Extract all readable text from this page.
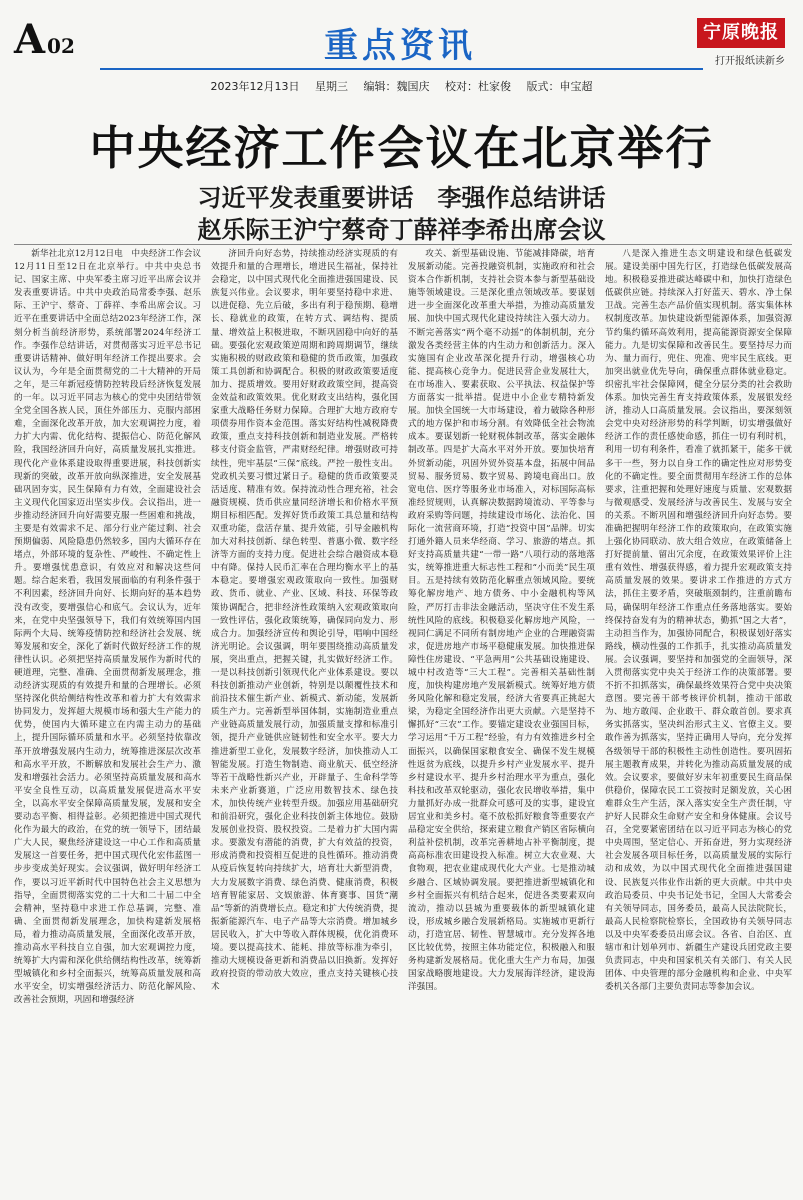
A 02	重点资讯	宁原晚报
打开报纸读新乡
2023年12月13日 星期三 编辑：魏国庆 校对：杜家俊 版式：申宝超
中央经济工作会议在北京举行
习近平发表重要讲话　李强作总结讲话
赵乐际王沪宁蔡奇丁薛祥李希出席会议

新华社北京12月12日电　中央经济工作会议12月11日至12日在北京举行。中共中央总书记、国家主席、中央军委主席习近平出席会议并发表重要讲话。中共中央政治局常委李强、赵乐际、王沪宁、蔡奇、丁薛祥、李希出席会议。习近平在重要讲话中全面总结2023年经济工作，深刻分析当前经济形势，系统部署2024年经济工作。李强作总结讲话，对贯彻落实习近平总书记重要讲话精神、做好明年经济工作提出要求。会议认为，今年是全面贯彻党的二十大精神的开局之年，是三年新冠疫情防控转段后经济恢复发展的一年。以习近平同志为核心的党中央团结带领全党全国各族人民，顶住外部压力、克服内部困难，全面深化改革开放，加大宏观调控力度，着力扩大内需、优化结构、提振信心、防范化解风险，我国经济回升向好，高质量发展扎实推进。现代化产业体系建设取得重要进展，科技创新实现新的突破，改革开放向纵深推进，安全发展基础巩固夯实，民生保障有力有效，全面建设社会主义现代化国家迈出坚实步伐。会议指出，进一步推动经济回升向好需要克服一些困难和挑战，主要是有效需求不足、部分行业产能过剩、社会预期偏弱、风险隐患仍然较多，国内大循环存在堵点，外部环境的复杂性、严峻性、不确定性上升。要增强忧患意识，有效应对和解决这些问题。综合起来看，我国发展面临的有利条件强于不利因素，经济回升向好、长期向好的基本趋势没有改变，要增强信心和底气。会议认为，近年来，在党中央坚强领导下，我们有效统筹国内国际两个大局、统筹疫情防控和经济社会发展、统筹发展和安全，深化了新时代做好经济工作的规律性认识。必须把坚持高质量发展作为新时代的硬道理，完整、准确、全面贯彻新发展理念，推动经济实现质的有效提升和量的合理增长。必须坚持深化供给侧结构性改革和着力扩大有效需求协同发力，发挥超大规模市场和强大生产能力的优势，使国内大循环建立在内需主动力的基础上，提升国际循环质量和水平。必须坚持依靠改革开放增强发展内生动力，统筹推进深层次改革和高水平开放，不断解放和发展社会生产力、激发和增强社会活力。必须坚持高质量发展和高水平安全良性互动，以高质量发展促进高水平安全，以高水平安全保障高质量发展，发展和安全要动态平衡、相得益彰。必须把推进中国式现代化作为最大的政治，在党的统一领导下，团结最广大人民，聚焦经济建设这一中心工作和高质量发展这一首要任务，把中国式现代化宏伟蓝图一步步变成美好现实。会议强调，做好明年经济工作，要以习近平新时代中国特色社会主义思想为指导，全面贯彻落实党的二十大和二十届二中全会精神，坚持稳中求进工作总基调，完整、准确、全面贯彻新发展理念，加快构建新发展格局，着力推动高质量发展，全面深化改革开放，推动高水平科技自立自强，加大宏观调控力度，统筹扩大内需和深化供给侧结构性改革，统筹新型城镇化和乡村全面振兴，统筹高质量发展和高水平安全，切实增强经济活力、防范化解风险、改善社会预期，巩固和增强经济

济回升向好态势，持续推动经济实现质的有效提升和量的合理增长，增进民生福祉，保持社会稳定，以中国式现代化全面推进强国建设、民族复兴伟业。会议要求，明年要坚持稳中求进、以进促稳、先立后破，多出有利于稳预期、稳增长、稳就业的政策，在转方式、调结构、提质量、增效益上积极进取，不断巩固稳中向好的基础。要强化宏观政策逆周期和跨周期调节，继续实施积极的财政政策和稳健的货币政策，加强政策工具创新和协调配合。积极的财政政策要适度加力、提质增效。要用好财政政策空间，提高资金效益和政策效果。优化财政支出结构，强化国家重大战略任务财力保障。合理扩大地方政府专项债券用作资本金范围。落实好结构性减税降费政策，重点支持科技创新和制造业发展。严格转移支付资金监管，严肃财经纪律。增强财政可持续性，兜牢基层“三保”底线。严控一般性支出。党政机关要习惯过紧日子。稳健的货币政策要灵活适度、精准有效。保持流动性合理充裕，社会融资规模、货币供应量同经济增长和价格水平预期目标相匹配。发挥好货币政策工具总量和结构双重功能，盘活存量、提升效能，引导金融机构加大对科技创新、绿色转型、普惠小微、数字经济等方面的支持力度。促进社会综合融资成本稳中有降。保持人民币汇率在合理均衡水平上的基本稳定。要增强宏观政策取向一致性。加强财政、货币、就业、产业、区域、科技、环保等政策协调配合，把非经济性政策纳入宏观政策取向一致性评估，强化政策统筹，确保同向发力、形成合力。加强经济宣传和舆论引导，唱响中国经济光明论。会议强调，明年要围绕推动高质量发展，突出重点，把握关键，扎实做好经济工作。一是以科技创新引领现代化产业体系建设。要以科技创新推动产业创新，特别是以颠覆性技术和前沿技术催生新产业、新模式、新动能，发展新质生产力。完善新型举国体制，实施制造业重点产业链高质量发展行动，加强质量支撑和标准引领，提升产业链供应链韧性和安全水平。要大力推进新型工业化，发展数字经济，加快推动人工智能发展。打造生物制造、商业航天、低空经济等若干战略性新兴产业，开辟量子、生命科学等未来产业新赛道，广泛应用数智技术、绿色技术，加快传统产业转型升级。加强应用基础研究和前沿研究，强化企业科技创新主体地位。鼓励发展创业投资、股权投资。二是着力扩大国内需求。要激发有潜能的消费，扩大有效益的投资，形成消费和投资相互促进的良性循环。推动消费从疫后恢复转向持续扩大，培育壮大新型消费，大力发展数字消费、绿色消费、健康消费，积极培育智能家居、文娱旅游、体育赛事、国货“潮品”等新的消费增长点。稳定和扩大传统消费，提振新能源汽车、电子产品等大宗消费。增加城乡居民收入，扩大中等收入群体规模，优化消费环境。要以提高技术、能耗、排放等标准为牵引，推动大规模设备更新和消费品以旧换新。发挥好政府投资的带动放大效应，重点支持关键核心技术

攻关、新型基础设施、节能减排降碳，培育发展新动能。完善投融资机制，实施政府和社会资本合作新机制，支持社会资本参与新型基础设施等领域建设。三是深化重点领域改革。要谋划进一步全面深化改革重大举措，为推动高质量发展、加快中国式现代化建设持续注入强大动力。不断完善落实“两个毫不动摇”的体制机制，充分激发各类经营主体的内生动力和创新活力。深入实施国有企业改革深化提升行动，增强核心功能、提高核心竞争力。促进民营企业发展壮大，在市场准入、要素获取、公平执法、权益保护等方面落实一批举措。促进中小企业专精特新发展。加快全国统一大市场建设，着力破除各种形式的地方保护和市场分割。有效降低全社会物流成本。要谋划新一轮财税体制改革，落实金融体制改革。四是扩大高水平对外开放。要加快培育外贸新动能，巩固外贸外资基本盘，拓展中间品贸易、服务贸易、数字贸易、跨境电商出口。放宽电信、医疗等服务业市场准入，对标国际高标准经贸规则，认真解决数据跨境流动、平等参与政府采购等问题，持续建设市场化、法治化、国际化一流营商环境，打造“投资中国”品牌。切实打通外籍人员来华经商、学习、旅游的堵点。抓好支持高质量共建“一带一路”八项行动的落地落实，统筹推进重大标志性工程和“小而美”民生项目。五是持续有效防范化解重点领域风险。要统筹化解房地产、地方债务、中小金融机构等风险，严厉打击非法金融活动，坚决守住不发生系统性风险的底线。积极稳妥化解房地产风险，一视同仁满足不同所有制房地产企业的合理融资需求，促进房地产市场平稳健康发展。加快推进保障性住房建设、“平急两用”公共基础设施建设、城中村改造等“三大工程”。完善相关基础性制度，加快构建房地产发展新模式。统筹好地方债务风险化解和稳定发展，经济大省要真正挑起大梁，为稳定全国经济作出更大贡献。六是坚持不懈抓好“三农”工作。要锚定建设农业强国目标，学习运用“千万工程”经验，有力有效推进乡村全面振兴，以确保国家粮食安全、确保不发生规模性返贫为底线，以提升乡村产业发展水平、提升乡村建设水平、提升乡村治理水平为重点，强化科技和改革双轮驱动，强化农民增收举措，集中力量抓好办成一批群众可感可及的实事，建设宜居宜业和美乡村。毫不放松抓好粮食等重要农产品稳定安全供给，探索建立粮食产销区省际横向利益补偿机制，改革完善耕地占补平衡制度，提高高标准农田建设投入标准。树立大农业观、大食物观，把农业建成现代化大产业。七是推动城乡融合、区域协调发展。要把推进新型城镇化和乡村全面振兴有机结合起来，促进各类要素双向流动，推动以县城为重要载体的新型城镇化建设，形成城乡融合发展新格局。实施城市更新行动，打造宜居、韧性、智慧城市。充分发挥各地区比较优势，按照主体功能定位，积极融入和服务构建新发展格局。优化重大生产力布局，加强国家战略腹地建设。大力发展海洋经济，建设海洋强国。

八是深入推进生态文明建设和绿色低碳发展。建设美丽中国先行区，打造绿色低碳发展高地。积极稳妥推进碳达峰碳中和，加快打造绿色低碳供应链。持续深入打好蓝天、碧水、净土保卫战。完善生态产品价值实现机制。落实集体林权制度改革。加快建设新型能源体系，加强资源节约集约循环高效利用，提高能源资源安全保障能力。九是切实保障和改善民生。要坚持尽力而为、量力而行，兜住、兜准、兜牢民生底线。更加突出就业优先导向，确保重点群体就业稳定。织密扎牢社会保障网，健全分层分类的社会救助体系。加快完善生育支持政策体系，发展银发经济，推动人口高质量发展。会议指出，要深刻领会党中央对经济形势的科学判断，切实增强做好经济工作的责任感使命感，抓住一切有利时机，利用一切有利条件，看准了就抓紧干，能多干就多干一些，努力以自身工作的确定性应对形势变化的不确定性。要全面贯彻用车经济工作的总体要求，注重把握和处理好速度与质量、宏观数据与微观感受、发展经济与改善民生、发展与安全的关系。不断巩固和增强经济回升向好态势。要准确把握明年经济工作的政策取向，在政策实施上强化协同联动、放大组合效应，在政策储备上打好提前量、留出冗余度，在政策效果评价上注重有效性、增强获得感，着力提升宏观政策支持高质量发展的效果。要讲求工作推进的方式方法，抓住主要矛盾，突破瓶颈制约，注重前瞻布局，确保明年经济工作重点任务落地落实。要始终保持奋发有为的精神状态，勤抓“国之大者”，主动担当作为，加强协同配合，积极谋划好落实路线，横动性强的工作抓手，扎实推动高质量发展。会议强调，要坚持和加强党的全面领导，深入贯彻落实党中央关于经济工作的决策部署。要不折不扣抓落实，确保最终效果符合党中央决策意图。要完善干部考核评价机制，推动干部敢为、地方敢闯、企业敢干、群众敢首创。要求真务实抓落实，坚决纠治形式主义、官僚主义。要敢作善为抓落实，坚持正确用人导向，充分发挥各级领导干部的积极性主动性创造性。要巩固拓展主题教育成果，并转化为推动高质量发展的成效。会议要求，要做好岁末年初重要民生商品保供稳价，保障农民工工资按时足额发放，关心困难群众生产生活，深入落实安全生产责任制，守护好人民群众生命财产安全和身体健康。会议号召，全党要紧密团结在以习近平同志为核心的党中央周围，坚定信心、开拓奋进，努力实现经济社会发展各项目标任务，以高质量发展的实际行动和成效，为以中国式现代化全面推进强国建设、民族复兴伟业作出新的更大贡献。中共中央政治局委员、中央书记处书记，全国人大常委会有关领导同志，国务委员，最高人民法院院长，最高人民检察院检察长，全国政协有关领导同志以及中央军委委员出席会议。各省、自治区、直辖市和计划单列市、新疆生产建设兵团党政主要负责同志，中央和国家机关有关部门、有关人民团体、中央管理的部分金融机构和企业、中央军委机关各部门主要负责同志等参加会议。
